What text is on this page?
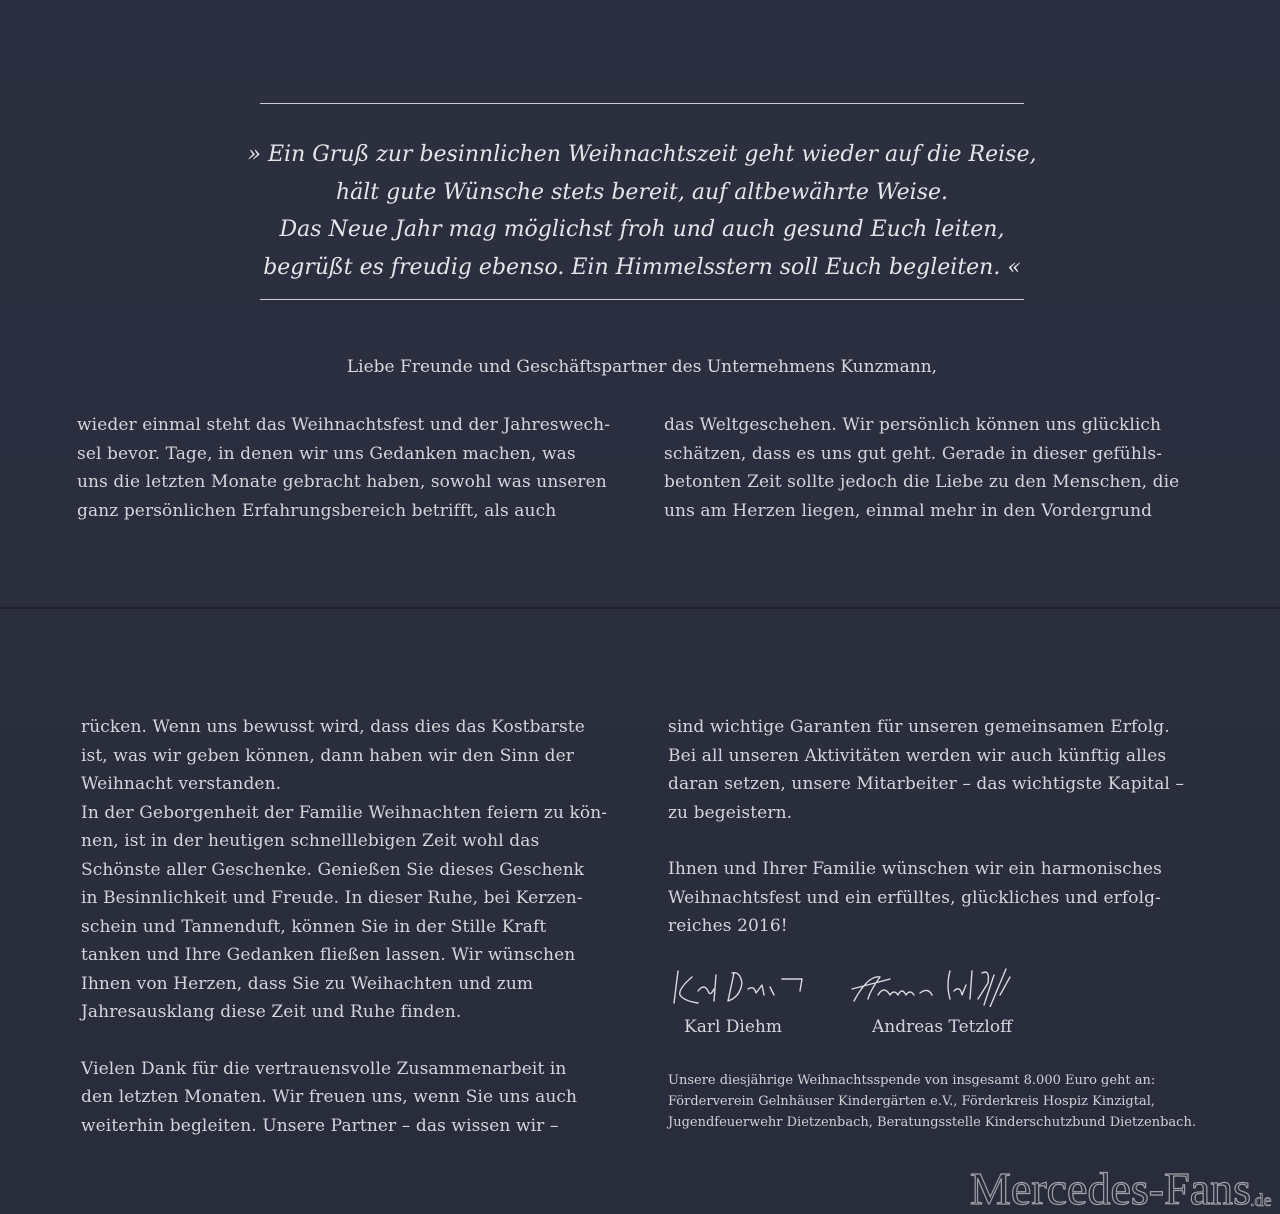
» Ein Gruß zur besinnlichen Weihnachtszeit geht wieder auf die Reise,
hält gute Wünsche stets bereit, auf altbewährte Weise.
Das Neue Jahr mag möglichst froh und auch gesund Euch leiten,
begrüßt es freudig ebenso. Ein Himmelsstern soll Euch begleiten. «
Liebe Freunde und Geschäftspartner des Unternehmens Kunzmann,
wieder einmal steht das Weihnachtsfest und der Jahreswech-
sel bevor. Tage, in denen wir uns Gedanken machen, was
uns die letzten Monate gebracht haben, sowohl was unseren
ganz persönlichen Erfahrungsbereich betrifft, als auch
das Weltgeschehen. Wir persönlich können uns glücklich
schätzen, dass es uns gut geht. Gerade in dieser gefühls-
betonten Zeit sollte jedoch die Liebe zu den Menschen, die
uns am Herzen liegen, einmal mehr in den Vordergrund
rücken. Wenn uns bewusst wird, dass dies das Kostbarste
ist, was wir geben können, dann haben wir den Sinn der
Weihnacht verstanden.
In der Geborgenheit der Familie Weihnachten feiern zu kön-
nen, ist in der heutigen schnelllebigen Zeit wohl das
Schönste aller Geschenke. Genießen Sie dieses Geschenk
in Besinnlichkeit und Freude. In dieser Ruhe, bei Kerzen-
schein und Tannenduft, können Sie in der Stille Kraft
tanken und Ihre Gedanken fließen lassen. Wir wünschen
Ihnen von Herzen, dass Sie zu Weihachten und zum
Jahresausklang diese Zeit und Ruhe finden.
Vielen Dank für die vertrauensvolle Zusammenarbeit in
den letzten Monaten. Wir freuen uns, wenn Sie uns auch
weiterhin begleiten. Unsere Partner – das wissen wir –
sind wichtige Garanten für unseren gemeinsamen Erfolg.
Bei all unseren Aktivitäten werden wir auch künftig alles
daran setzen, unsere Mitarbeiter – das wichtigste Kapital –
zu begeistern.
Ihnen und Ihrer Familie wünschen wir ein harmonisches
Weihnachtsfest und ein erfülltes, glückliches und erfolg-
reiches 2016!
Karl Diehm	Andreas Tetzloff
Unsere diesjährige Weihnachtsspende von insgesamt 8.000 Euro geht an:
Förderverein Gelnhäuser Kindergärten e.V., Förderkreis Hospiz Kinzigtal,
Jugendfeuerwehr Dietzenbach, Beratungsstelle Kinderschutzbund Dietzenbach.
Mercedes-Fans
.de
